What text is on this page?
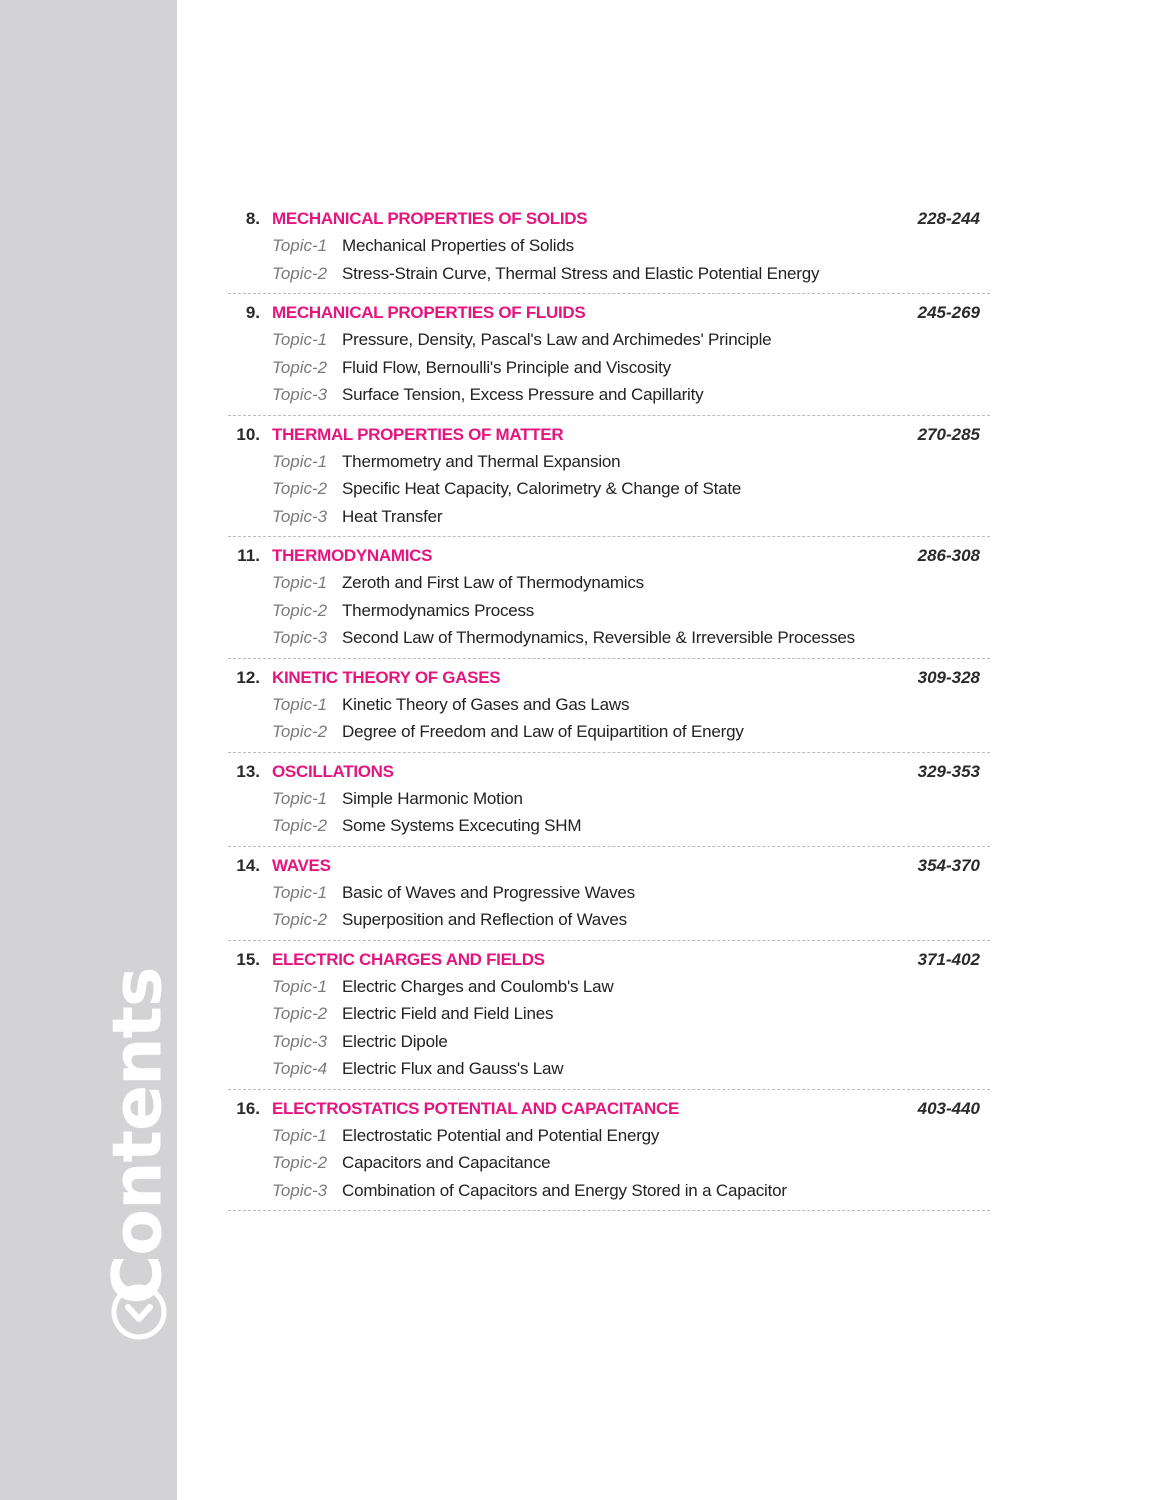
Contents
8. MECHANICAL PROPERTIES OF SOLIDS	228-244
Topic-1 Mechanical Properties of Solids
Topic-2 Stress-Strain Curve, Thermal Stress and Elastic Potential Energy
9. MECHANICAL PROPERTIES OF FLUIDS	245-269
Topic-1 Pressure, Density, Pascal's Law and Archimedes' Principle
Topic-2 Fluid Flow, Bernoulli's Principle and Viscosity
Topic-3 Surface Tension, Excess Pressure and Capillarity
10. THERMAL PROPERTIES OF MATTER	270-285
Topic-1 Thermometry and Thermal Expansion
Topic-2 Specific Heat Capacity, Calorimetry & Change of State
Topic-3 Heat Transfer
11. THERMODYNAMICS	286-308
Topic-1 Zeroth and First Law of Thermodynamics
Topic-2 Thermodynamics Process
Topic-3 Second Law of Thermodynamics, Reversible & Irreversible Processes
12. KINETIC THEORY OF GASES	309-328
Topic-1 Kinetic Theory of Gases and Gas Laws
Topic-2 Degree of Freedom and Law of Equipartition of Energy
13. OSCILLATIONS	329-353
Topic-1 Simple Harmonic Motion
Topic-2 Some Systems Excecuting SHM
14. WAVES	354-370
Topic-1 Basic of Waves and Progressive Waves
Topic-2 Superposition and Reflection of Waves
15. ELECTRIC CHARGES AND FIELDS	371-402
Topic-1 Electric Charges and Coulomb's Law
Topic-2 Electric Field and Field Lines
Topic-3 Electric Dipole
Topic-4 Electric Flux and Gauss's Law
16. ELECTROSTATICS POTENTIAL AND CAPACITANCE	403-440
Topic-1 Electrostatic Potential and Potential Energy
Topic-2 Capacitors and Capacitance
Topic-3 Combination of Capacitors and Energy Stored in a Capacitor
